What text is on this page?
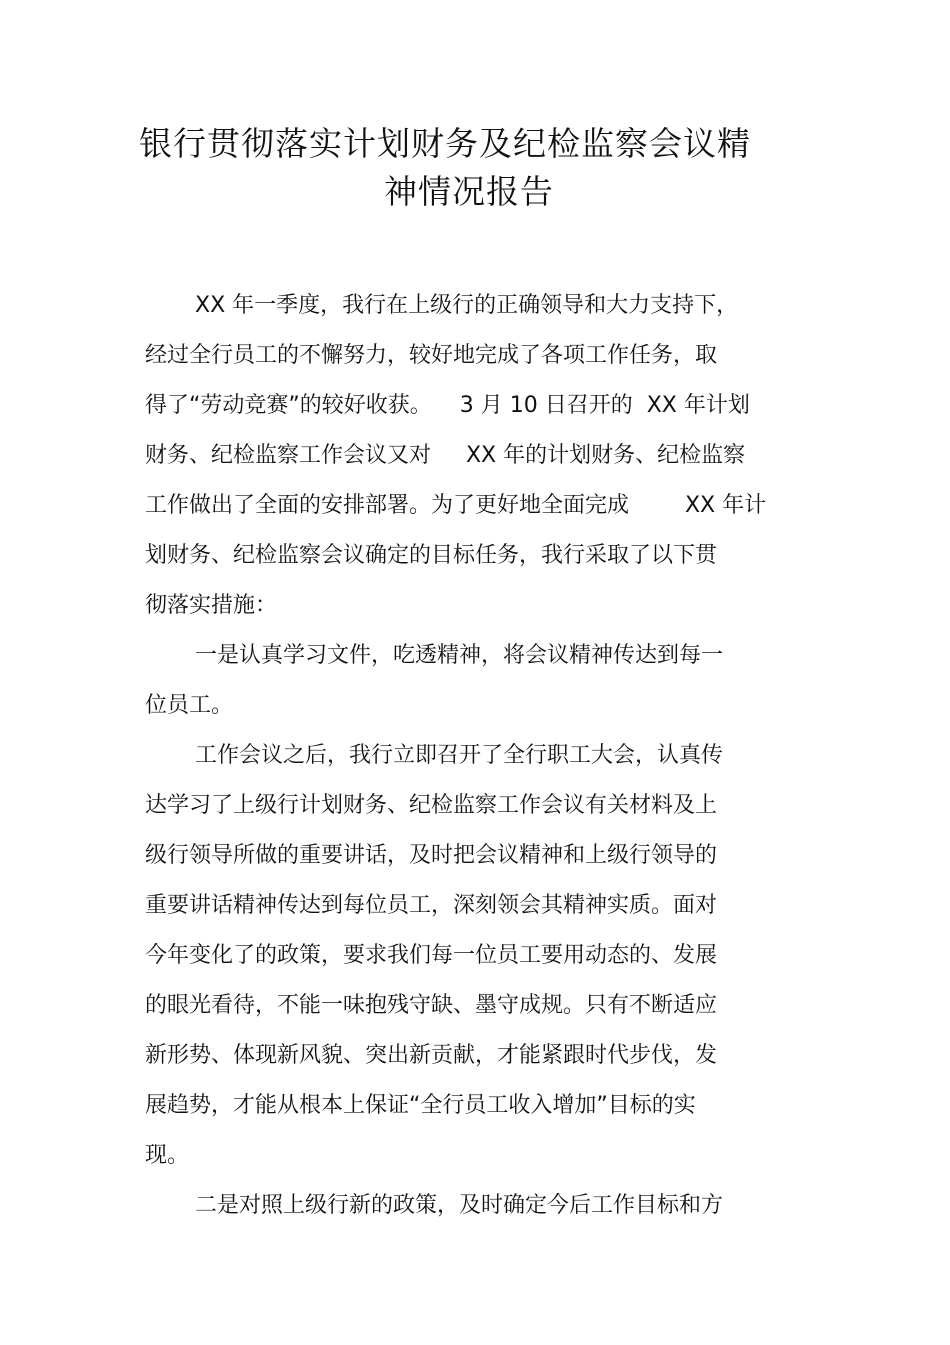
银行贯彻落实计划财务及纪检监察会议精
神情况报告
XX 年一季度，我行在上级行的正确领导和大力支持下，
经过全行员工的不懈努力，较好地完成了各项工作任务，取
得了“劳动竞赛”的较好收获。    3 月 10 日召开的  XX 年计划
财务、纪检监察工作会议又对     XX 年的计划财务、纪检监察
工作做出了全面的安排部署。为了更好地全面完成        XX 年计
划财务、纪检监察会议确定的目标任务，我行采取了以下贯
彻落实措施：
一是认真学习文件，吃透精神，将会议精神传达到每一
位员工。
工作会议之后，我行立即召开了全行职工大会，认真传
达学习了上级行计划财务、纪检监察工作会议有关材料及上
级行领导所做的重要讲话，及时把会议精神和上级行领导的
重要讲话精神传达到每位员工，深刻领会其精神实质。面对
今年变化了的政策，要求我们每一位员工要用动态的、发展
的眼光看待，不能一味抱残守缺、墨守成规。只有不断适应
新形势、体现新风貌、突出新贡献，才能紧跟时代步伐，发
展趋势，才能从根本上保证“全行员工收入增加”目标的实
现。
二是对照上级行新的政策，及时确定今后工作目标和方
